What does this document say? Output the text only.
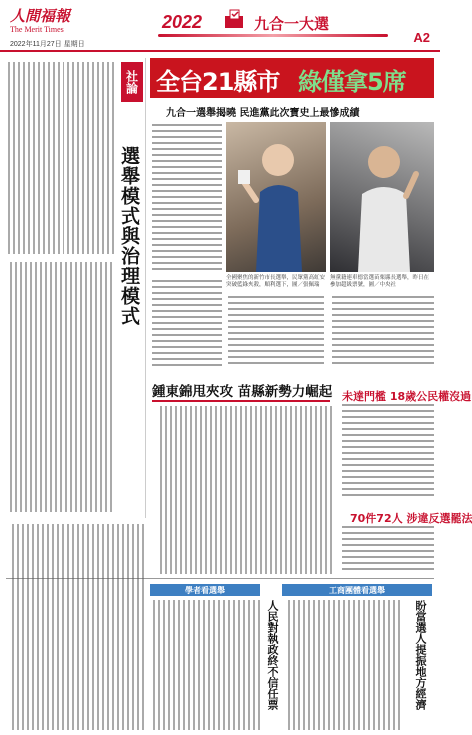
人間福報
The Merit Times
2022年11月27日 星期日
2022	九合一大選
A2
社論
選舉模式與治理模式
全台21縣市 綠僅拿5席
九合一選舉揭曉 民進黨此次寶史上最慘成績
全國聚焦的新竹市長選舉，民眾黨高虹安突破藍綠夾殺，順利選下，圖／張佩瑞
無黨籍連車德當選苗栗縣長選舉，昨日在參加超級票號，圖／中央社
鍾東錦甩夾攻 苗縣新勢力崛起 未達門檻 18歲公民權沒過
70件72人 涉違反選罷法
學者看選舉	工商團體看選舉
人民對執政終不信任票	盼當選人提振地方經濟
